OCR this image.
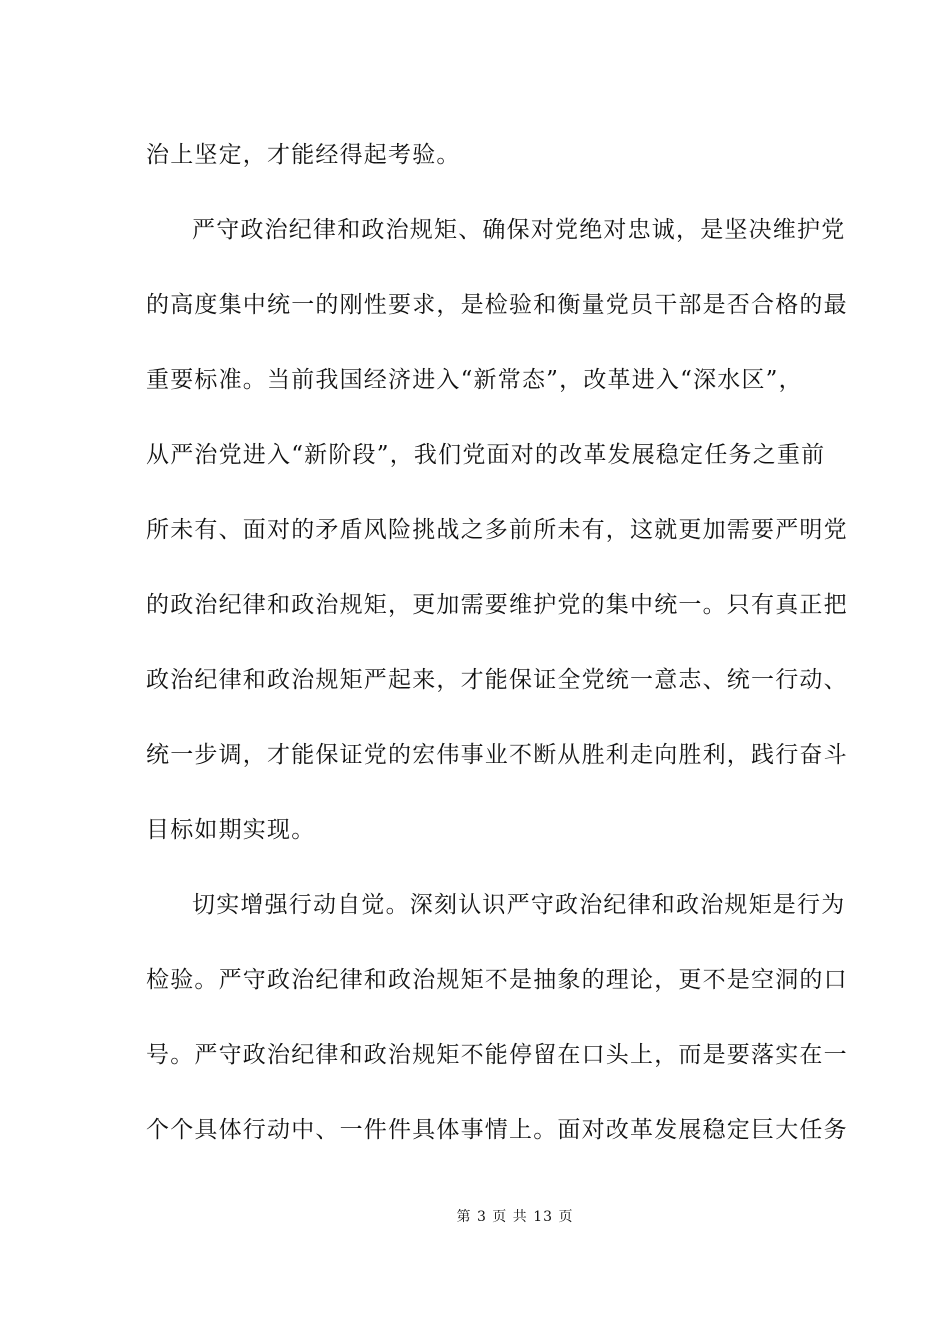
治上坚定，才能经得起考验。
严守政治纪律和政治规矩、确保对党绝对忠诚，是坚决维护党
的高度集中统一的刚性要求，是检验和衡量党员干部是否合格的最
重要标准。当前我国经济进入“新常态”，改革进入“深水区”，
从严治党进入“新阶段”，我们党面对的改革发展稳定任务之重前
所未有、面对的矛盾风险挑战之多前所未有，这就更加需要严明党
的政治纪律和政治规矩，更加需要维护党的集中统一。只有真正把
政治纪律和政治规矩严起来，才能保证全党统一意志、统一行动、
统一步调，才能保证党的宏伟事业不断从胜利走向胜利，践行奋斗
目标如期实现。
切实增强行动自觉。深刻认识严守政治纪律和政治规矩是行为
检验。严守政治纪律和政治规矩不是抽象的理论，更不是空洞的口
号。严守政治纪律和政治规矩不能停留在口头上，而是要落实在一
个个具体行动中、一件件具体事情上。面对改革发展稳定巨大任务
第 3 页 共 13 页
